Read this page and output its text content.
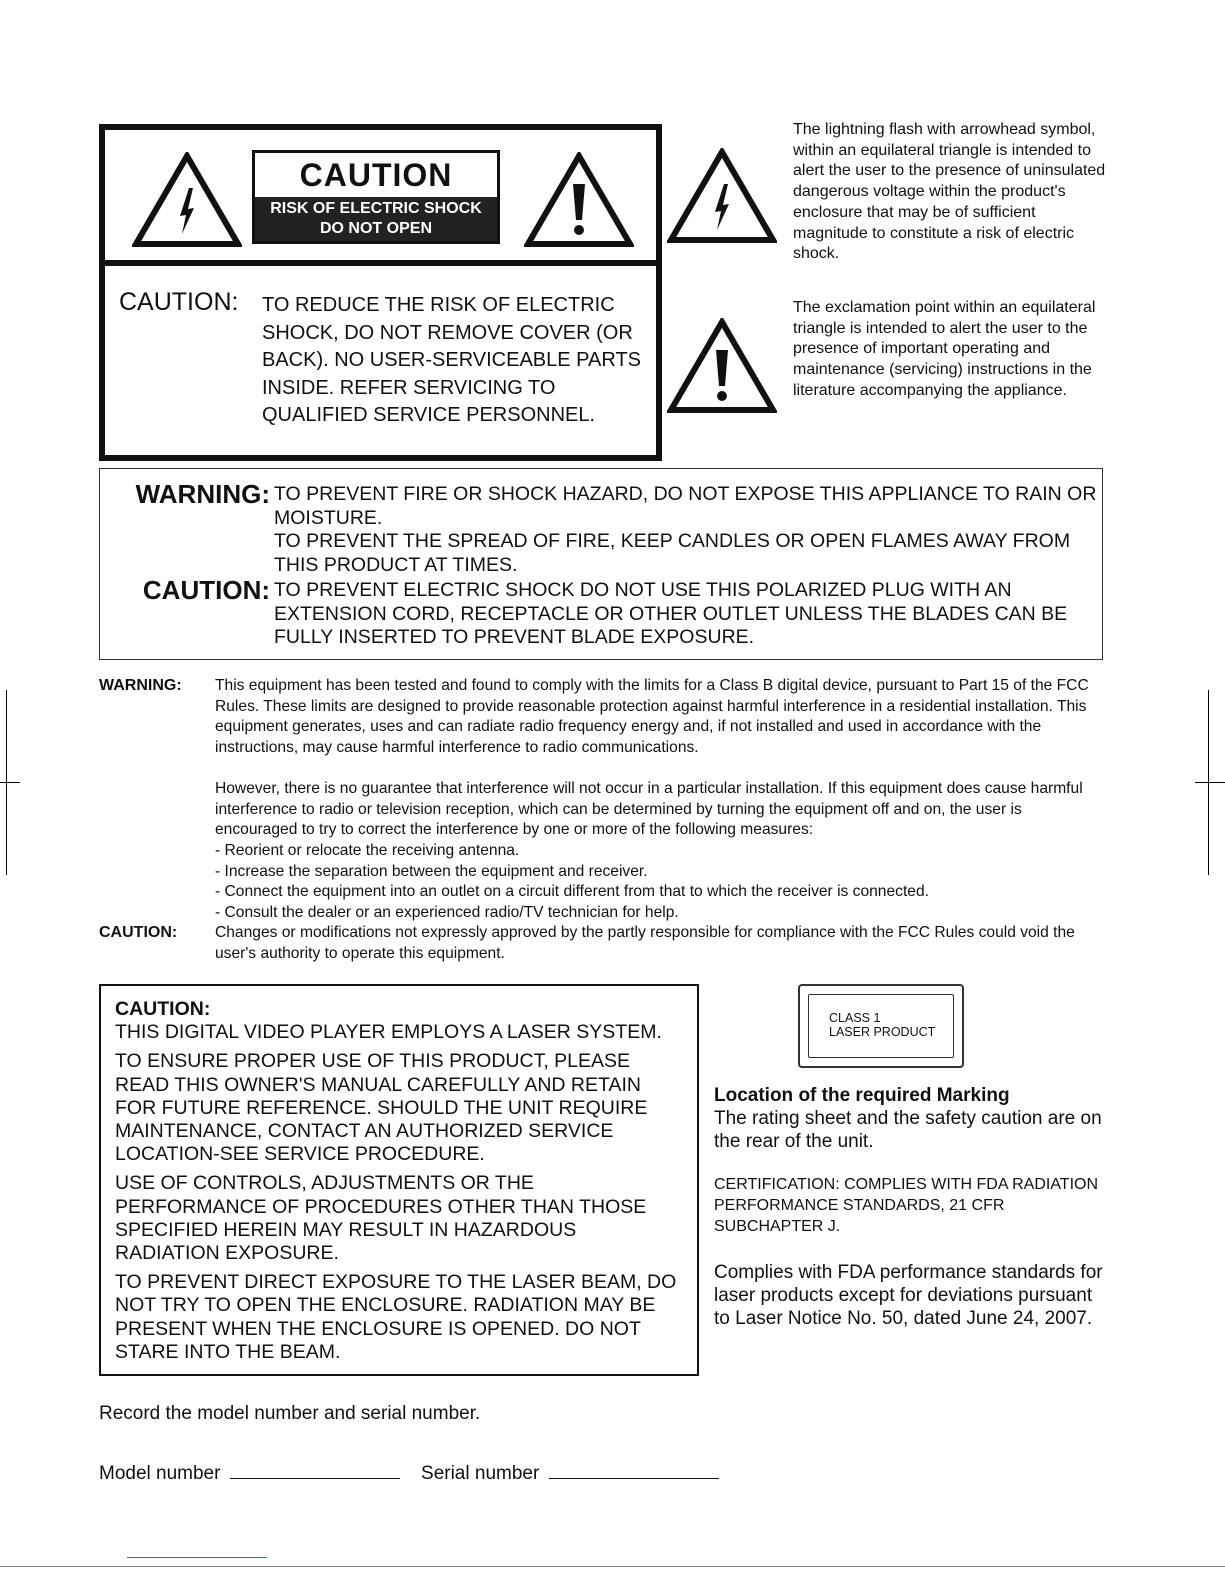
CAUTION
RISK OF ELECTRIC SHOCK
DO NOT OPEN
CAUTION: TO REDUCE THE RISK OF ELECTRIC SHOCK, DO NOT REMOVE COVER (OR BACK). NO USER-SERVICEABLE PARTS INSIDE. REFER SERVICING TO QUALIFIED SERVICE PERSONNEL.
The lightning flash with arrowhead symbol, within an equilateral triangle is intended to alert the user to the presence of uninsulated dangerous voltage within the product's enclosure that may be of sufficient magnitude to constitute a risk of electric shock.
The exclamation point within an equilateral triangle is intended to alert the user to the presence of important operating and maintenance (servicing) instructions in the literature accompanying the appliance.
WARNING: TO PREVENT FIRE OR SHOCK HAZARD, DO NOT EXPOSE THIS APPLIANCE TO RAIN OR MOISTURE.
TO PREVENT THE SPREAD OF FIRE, KEEP CANDLES OR OPEN FLAMES AWAY FROM THIS PRODUCT AT TIMES.
CAUTION: TO PREVENT ELECTRIC SHOCK DO NOT USE THIS POLARIZED PLUG WITH AN EXTENSION CORD, RECEPTACLE OR OTHER OUTLET UNLESS THE BLADES CAN BE FULLY INSERTED TO PREVENT BLADE EXPOSURE.
WARNING: This equipment has been tested and found to comply with the limits for a Class B digital device, pursuant to Part 15 of the FCC Rules. These limits are designed to provide reasonable protection against harmful interference in a residential installation. This equipment generates, uses and can radiate radio frequency energy and, if not installed and used in accordance with the instructions, may cause harmful interference to radio communications.
However, there is no guarantee that interference will not occur in a particular installation. If this equipment does cause harmful interference to radio or television reception, which can be determined by turning the equipment off and on, the user is encouraged to try to correct the interference by one or more of the following measures:
- Reorient or relocate the receiving antenna.
- Increase the separation between the equipment and receiver.
- Connect the equipment into an outlet on a circuit different from that to which the receiver is connected.
- Consult the dealer or an experienced radio/TV technician for help.
CAUTION: Changes or modifications not expressly approved by the partly responsible for compliance with the FCC Rules could void the user's authority to operate this equipment.

CAUTION:

THIS DIGITAL VIDEO PLAYER EMPLOYS A LASER SYSTEM.

TO ENSURE PROPER USE OF THIS PRODUCT, PLEASE READ THIS OWNER'S MANUAL CAREFULLY AND RETAIN FOR FUTURE REFERENCE. SHOULD THE UNIT REQUIRE MAINTENANCE, CONTACT AN AUTHORIZED SERVICE LOCATION-SEE SERVICE PROCEDURE.

USE OF CONTROLS, ADJUSTMENTS OR THE PERFORMANCE OF PROCEDURES OTHER THAN THOSE SPECIFIED HEREIN MAY RESULT IN HAZARDOUS RADIATION EXPOSURE.

TO PREVENT DIRECT EXPOSURE TO THE LASER BEAM, DO NOT TRY TO OPEN THE ENCLOSURE. RADIATION MAY BE PRESENT WHEN THE ENCLOSURE IS OPENED. DO NOT STARE INTO THE BEAM.

CLASS 1
LASER PRODUCT
Location of the required Marking
The rating sheet and the safety caution are on the rear of the unit.
CERTIFICATION: COMPLIES WITH FDA RADIATION PERFORMANCE STANDARDS, 21 CFR SUBCHAPTER J.
Complies with FDA performance standards for laser products except for deviations pursuant to Laser Notice No. 50, dated June 24, 2007.
Record the model number and serial number.
Model number	Serial number
